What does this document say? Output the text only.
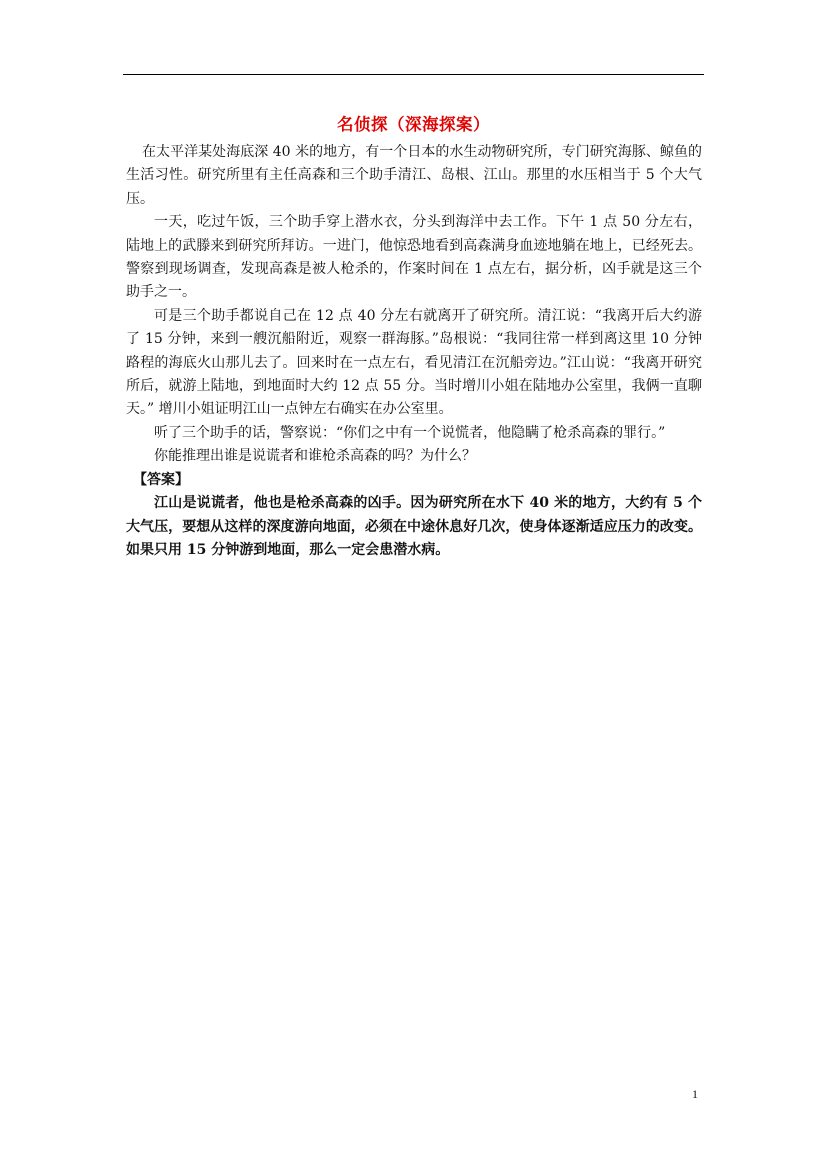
名侦探（深海探案）

在太平洋某处海底深 40 米的地方，有一个日本的水生动物研究所，专门研究海豚、鲸鱼的生活习性。研究所里有主任高森和三个助手清江、岛根、江山。那里的水压相当于 5 个大气压。

一天，吃过午饭，三个助手穿上潜水衣，分头到海洋中去工作。下午 1 点 50 分左右，陆地上的武滕来到研究所拜访。一进门，他惊恐地看到高森满身血迹地躺在地上，已经死去。警察到现场调查，发现高森是被人枪杀的，作案时间在 1 点左右，据分析，凶手就是这三个助手之一。

可是三个助手都说自己在 12 点 40 分左右就离开了研究所。清江说：“我离开后大约游了 15 分钟，来到一艘沉船附近，观察一群海豚。”岛根说：“我同往常一样到离这里 10 分钟路程的海底火山那儿去了。回来时在一点左右，看见清江在沉船旁边。”江山说：“我离开研究所后，就游上陆地，到地面时大约 12 点 55 分。当时增川小姐在陆地办公室里，我俩一直聊天。” 增川小姐证明江山一点钟左右确实在办公室里。

听了三个助手的话，警察说：“你们之中有一个说慌者，他隐瞒了枪杀高森的罪行。”

你能推理出谁是说谎者和谁枪杀高森的吗？为什么？

【答案】

江山是说谎者，他也是枪杀高森的凶手。因为研究所在水下 40 米的地方，大约有 5 个大气压，要想从这样的深度游向地面，必须在中途休息好几次，使身体逐渐适应压力的改变。如果只用 15 分钟游到地面，那么一定会患潜水病。

1
